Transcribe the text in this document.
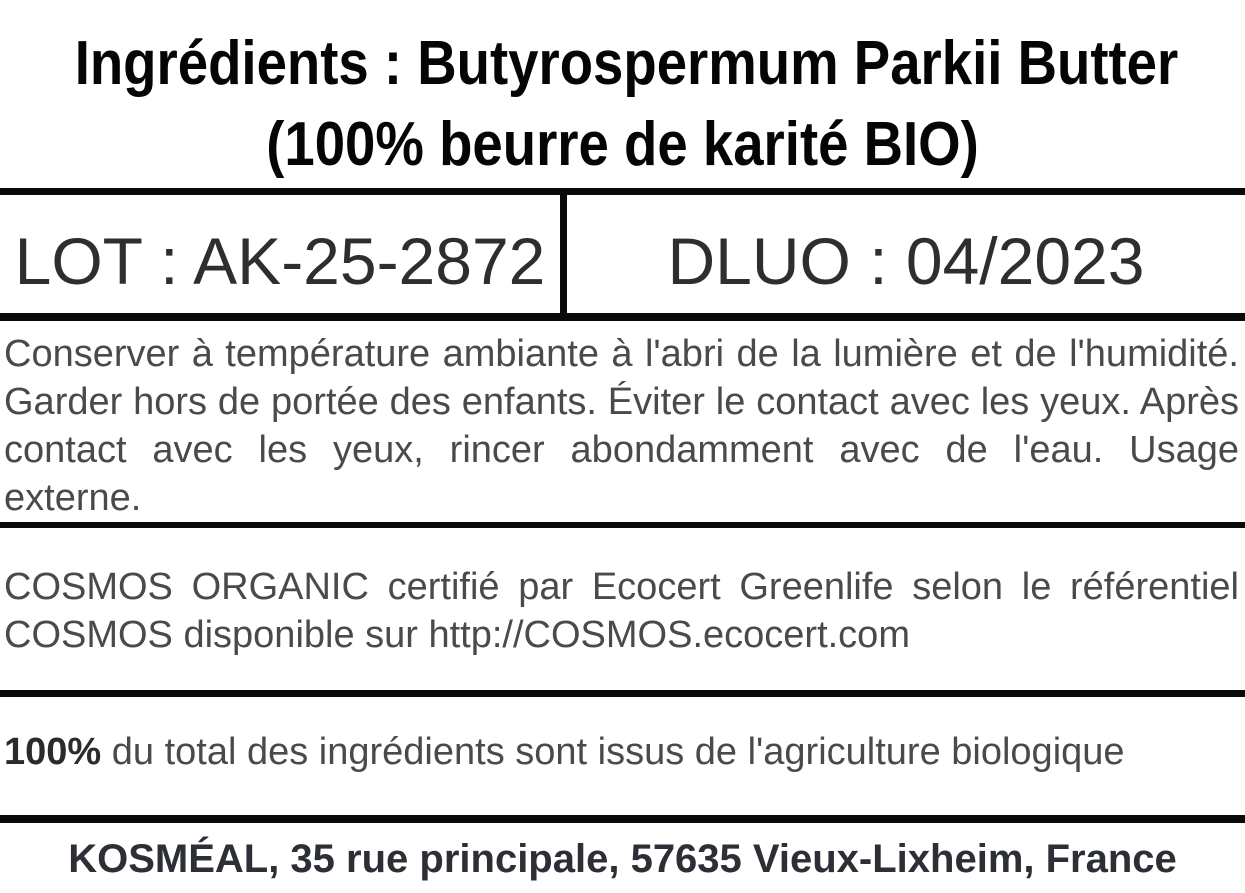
Ingrédients : Butyrospermum Parkii Butter
(100% beurre de karité BIO)
LOT : AK-25-2872	DLUO : 04/2023
Conserver à température ambiante à l'abri de la lumière et de l'humidité.
Garder hors de portée des enfants. Éviter le contact avec les yeux. Après
contact avec les yeux, rincer abondamment avec de l'eau. Usage
externe.
COSMOS ORGANIC certifié par Ecocert Greenlife selon le référentiel
COSMOS disponible sur http://COSMOS.ecocert.com
100% du total des ingrédients sont issus de l'agriculture biologique
KOSMÉAL, 35 rue principale, 57635 Vieux-Lixheim, France
